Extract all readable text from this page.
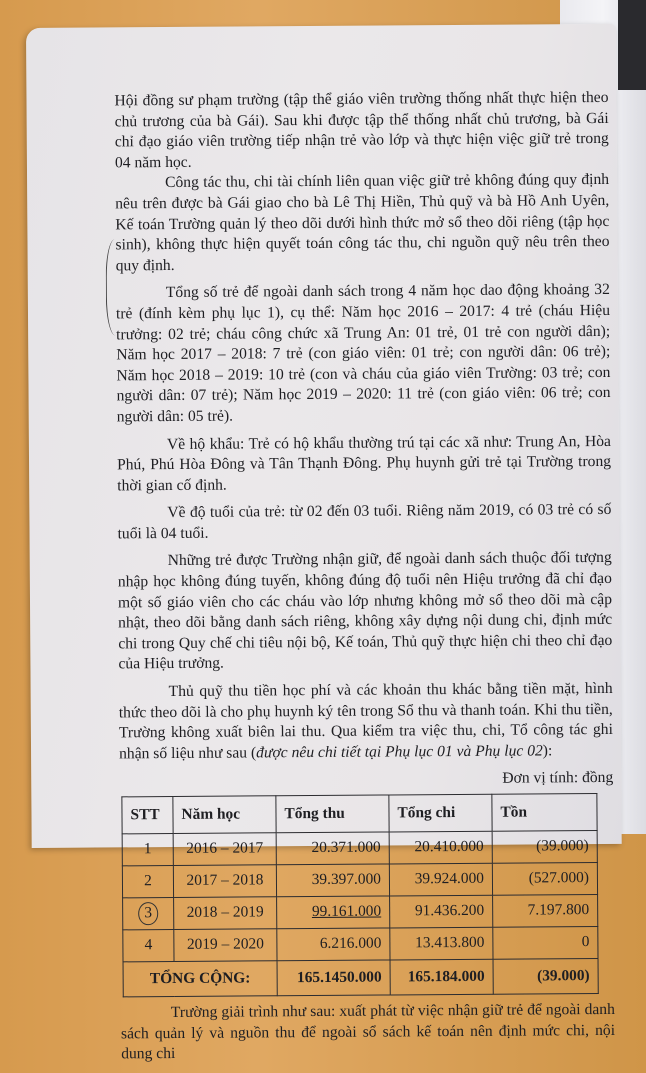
Hội đồng sư phạm trường (tập thể giáo viên trường thống nhất thực hiện theo chủ trương của bà Gái). Sau khi được tập thể thống nhất chủ trương, bà Gái chỉ đạo giáo viên trường tiếp nhận trẻ vào lớp và thực hiện việc giữ trẻ trong 04 năm học.

Công tác thu, chi tài chính liên quan việc giữ trẻ không đúng quy định nêu trên được bà Gái giao cho bà Lê Thị Hiền, Thủ quỹ và bà Hồ Anh Uyên, Kế toán Trường quản lý theo dõi dưới hình thức mở sổ theo dõi riêng (tập học sinh), không thực hiện quyết toán công tác thu, chi nguồn quỹ nêu trên theo quy định.

Tổng số trẻ để ngoài danh sách trong 4 năm học dao động khoảng 32 trẻ (đính kèm phụ lục 1), cụ thể: Năm học 2016 – 2017: 4 trẻ (cháu Hiệu trưởng: 02 trẻ; cháu công chức xã Trung An: 01 trẻ, 01 trẻ con người dân); Năm học 2017 – 2018: 7 trẻ (con giáo viên: 01 trẻ; con người dân: 06 trẻ); Năm học 2018 – 2019: 10 trẻ (con và cháu của giáo viên Trường: 03 trẻ; con người dân: 07 trẻ); Năm học 2019 – 2020: 11 trẻ (con giáo viên: 06 trẻ; con người dân: 05 trẻ).

Về hộ khẩu: Trẻ có hộ khẩu thường trú tại các xã như: Trung An, Hòa Phú, Phú Hòa Đông và Tân Thạnh Đông. Phụ huynh gửi trẻ tại Trường trong thời gian cố định.

Về độ tuổi của trẻ: từ 02 đến 03 tuổi. Riêng năm 2019, có 03 trẻ có số tuổi là 04 tuổi.

Những trẻ được Trường nhận giữ, để ngoài danh sách thuộc đối tượng nhập học không đúng tuyến, không đúng độ tuổi nên Hiệu trưởng đã chỉ đạo một số giáo viên cho các cháu vào lớp nhưng không mở sổ theo dõi mà cập nhật, theo dõi bằng danh sách riêng, không xây dựng nội dung chi, định mức chi trong Quy chế chi tiêu nội bộ, Kế toán, Thủ quỹ thực hiện chi theo chỉ đạo của Hiệu trưởng.

Thủ quỹ thu tiền học phí và các khoản thu khác bằng tiền mặt, hình thức theo dõi là cho phụ huynh ký tên trong Sổ thu và thanh toán. Khi thu tiền, Trường không xuất biên lai thu. Qua kiểm tra việc thu, chi, Tổ công tác ghi nhận số liệu như sau (được nêu chi tiết tại Phụ lục 01 và Phụ lục 02):

Đơn vị tính: đồng
STT	Năm học	Tổng thu	Tổng chi	Tồn
1	2016 – 2017	20.371.000	20.410.000	(39.000)
2	2017 – 2018	39.397.000	39.924.000	(527.000)
3	2018 – 2019	99.161.000	91.436.200	7.197.800
4	2019 – 2020	6.216.000	13.413.800	0
TỔNG CỘNG:		165.1450.000	165.184.000	(39.000)

Trường giải trình như sau: xuất phát từ việc nhận giữ trẻ để ngoài danh sách quản lý và nguồn thu để ngoài sổ sách kế toán nên định mức chi, nội dung chi
